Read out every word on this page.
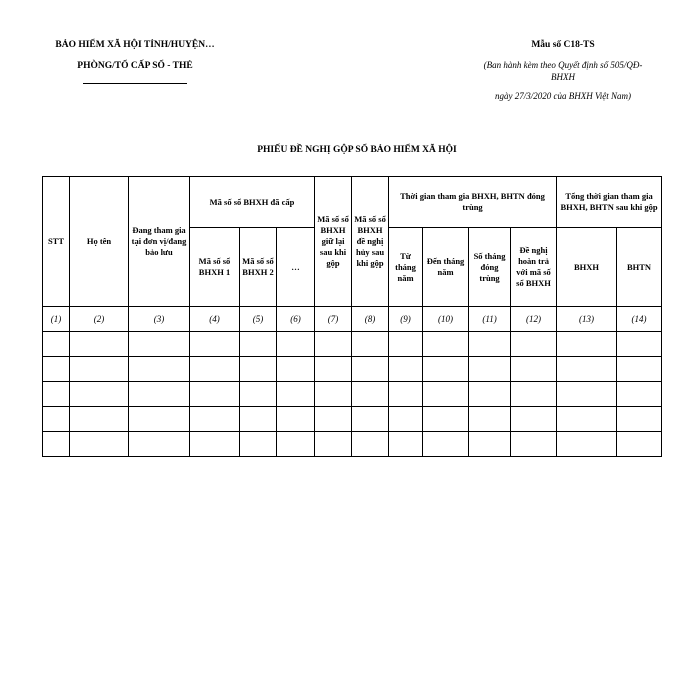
BẢO HIỂM XÃ HỘI TỈNH/HUYỆN…
PHÒNG/TỔ CẤP SỔ - THẺ
Mẫu số C18-TS
(Ban hành kèm theo Quyết định số 505/QĐ-BHXH
ngày 27/3/2020 của BHXH Việt Nam)
PHIẾU ĐỀ NGHỊ GỘP SỔ BẢO HIỂM XÃ HỘI
STT	Họ tên	Đang tham gia tại đơn vị/đang bảo lưu	Mã số sổ BHXH đã cấp			Mã số sổ BHXH giữ lại sau khi gộp	Mã số sổ BHXH đề nghị hủy sau khi gộp	Thời gian tham gia BHXH, BHTN đóng trùng				Tổng thời gian tham gia BHXH, BHTN sau khi gộp	
			Mã số sổ BHXH 1	Mã số sổ BHXH 2	…			Từ tháng năm	Đến tháng năm	Số tháng đóng trùng	Đề nghị hoàn trả với mã số sổ BHXH	BHXH	BHTN
(1)	(2)	(3)	(4)	(5)	(6)	(7)	(8)	(9)	(10)	(11)	(12)	(13)	(14)
